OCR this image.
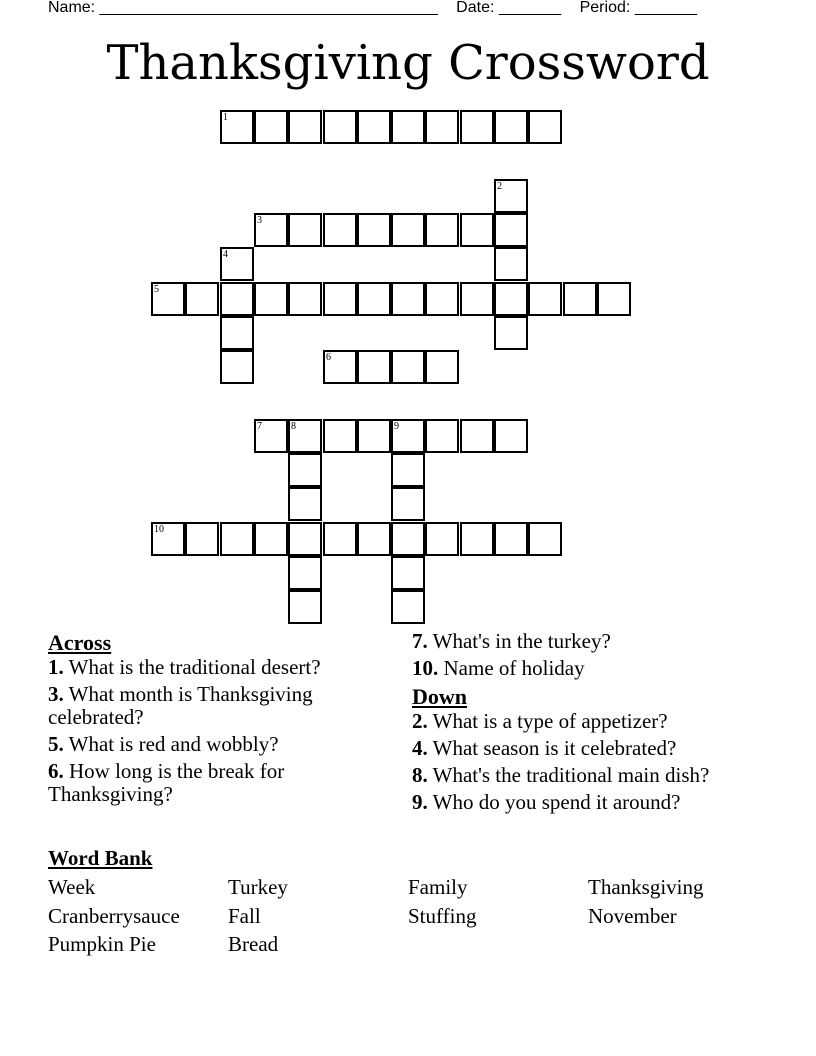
Name: ______________________________________ Date: _______ Period: _______
Thanksgiving Crossword
1
2
3
4
5
6
7	8	9
10
Across
1. What is the traditional desert?
3. What month is Thanksgiving celebrated?
5. What is red and wobbly?
6. How long is the break for Thanksgiving?
7. What's in the turkey?
10. Name of holiday
Down
2. What is a type of appetizer?
4. What season is it celebrated?
8. What's the traditional main dish?
9. Who do you spend it around?
Word Bank
Week	Turkey	Family	Thanksgiving
Cranberrysauce Fall	Stuffing	November
Pumpkin Pie	Bread
